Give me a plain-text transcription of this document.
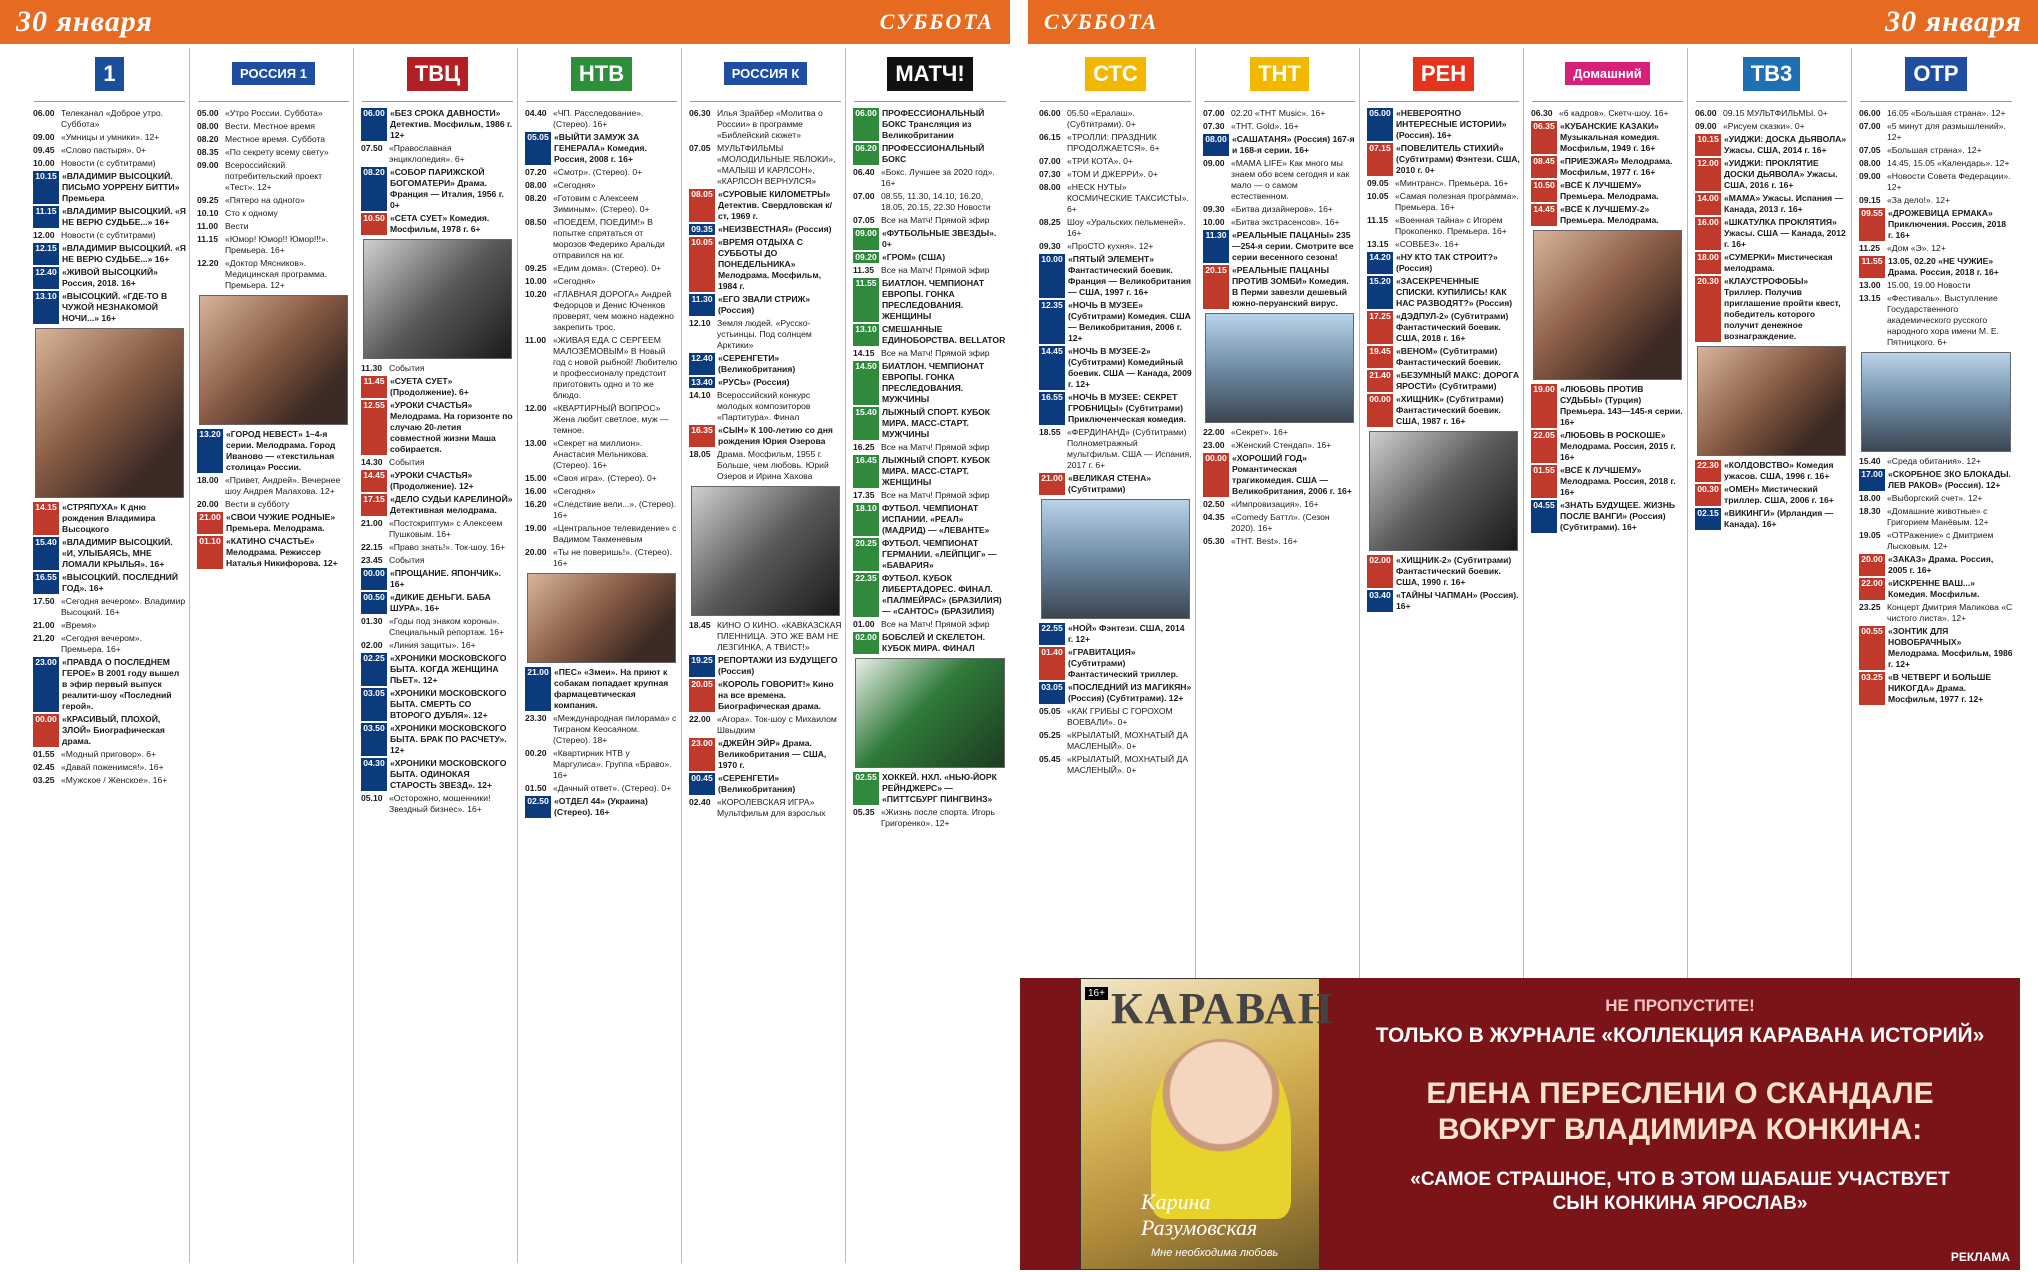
30 января	СУББОТА СУББОТА	30 января
1
06.00 Телеканал «Доброе утро. Суббота»
09.00 «Умницы и умники». 12+
09.45 «Слово пастыря». 0+
10.00 Новости (с субтитрами)
10.15 «ВЛАДИМИР ВЫСОЦКИЙ. ПИСЬМО УОРРЕНУ БИТТИ» Премьера
11.15 «ВЛАДИМИР ВЫСОЦКИЙ. «Я НЕ ВЕРЮ СУДЬБЕ...» 16+
12.00 Новости (с субтитрами)
12.15 «ВЛАДИМИР ВЫСОЦКИЙ. «Я НЕ ВЕРЮ СУДЬБЕ...» 16+
12.40 «ЖИВОЙ ВЫСОЦКИЙ» Россия, 2018. 16+
13.10 «ВЫСОЦКИЙ. «ГДЕ-ТО В ЧУЖОЙ НЕЗНАКОМОЙ НОЧИ...» 16+
14.15 «СТРЯПУХА» К дню рождения Владимира Высоцкого
15.40 «ВЛАДИМИР ВЫСОЦКИЙ. «И, УЛЫБАЯСЬ, МНЕ ЛОМАЛИ КРЫЛЬЯ». 16+
16.55 «ВЫСОЦКИЙ. ПОСЛЕДНИЙ ГОД». 16+
17.50 «Сегодня вечером». Владимир Высоцкий. 16+
21.00 «Время»
21.20 «Сегодня вечером». Премьера. 16+
23.00 «ПРАВДА О ПОСЛЕДНЕМ ГЕРОЕ» В 2001 году вышел в эфир первый выпуск реалити-шоу «Последний герой».
00.00 «КРАСИВЫЙ, ПЛОХОЙ, ЗЛОЙ» Биографическая драма.
01.55 «Модный приговор». 6+
02.45 «Давай поженимся!». 16+
03.25 «Мужское / Женское». 16+
РОССИЯ 1
05.00 «Утро России. Суббота»
08.00 Вести. Местное время
08.20 Местное время. Суббота
08.35 «По секрету всему свету»
09.00 Всероссийский потребительский проект «Тест». 12+
09.25 «Пятеро на одного»
10.10 Сто к одному
11.00 Вести
11.15 «Юмор! Юмор!! Юмор!!!». Премьера. 16+
12.20 «Доктор Мясников». Медицинская программа. Премьера. 12+
13.20 «ГОРОД НЕВЕСТ» 1–4-я серии. Мелодрама. Город Иваново — «текстильная столица» России.
18.00 «Привет, Андрей». Вечернее шоу Андрея Малахова. 12+
20.00 Вести в субботу
21.00 «СВОИ ЧУЖИЕ РОДНЫЕ» Премьера. Мелодрама.
01.10 «КАТИНО СЧАСТЬЕ» Мелодрама. Режиссер Наталья Никифорова. 12+
ТВЦ
06.00 «БЕЗ СРОКА ДАВНОСТИ» Детектив. Мосфильм, 1986 г. 12+
07.50 «Православная энциклопедия». 6+
08.20 «СОБОР ПАРИЖСКОЙ БОГОМАТЕРИ» Драма. Франция — Италия, 1956 г. 0+
10.50 «СЕТА СУЕТ» Комедия. Мосфильм, 1978 г. 6+
11.30 События
11.45 «СУЕТА СУЕТ» (Продолжение). 6+
12.55 «УРОКИ СЧАСТЬЯ» Мелодрама. На горизонте по случаю 20-летия совместной жизни Маша собирается.
14.30 События
14.45 «УРОКИ СЧАСТЬЯ» (Продолжение). 12+
17.15 «ДЕЛО СУДЬИ КАРЕЛИНОЙ» Детективная мелодрама.
21.00 «Постскриптум» с Алексеем Пушковым. 16+
22.15 «Право знать!». Ток-шоу. 16+
23.45 События
00.00 «ПРОЩАНИЕ. ЯПОНЧИК». 16+
00.50 «ДИКИЕ ДЕНЬГИ. БАБА ШУРА». 16+
01.30 «Годы под знаком короны». Специальный репортаж. 16+
02.00 «Линия защиты». 16+
02.25 «ХРОНИКИ МОСКОВСКОГО БЫТА. КОГДА ЖЕНЩИНА ПЬЕТ». 12+
03.05 «ХРОНИКИ МОСКОВСКОГО БЫТА. СМЕРТЬ СО ВТОРОГО ДУБЛЯ». 12+
03.50 «ХРОНИКИ МОСКОВСКОГО БЫТА. БРАК ПО РАСЧЕТУ». 12+
04.30 «ХРОНИКИ МОСКОВСКОГО БЫТА. ОДИНОКАЯ СТАРОСТЬ ЗВЕЗД». 12+
05.10 «Осторожно, мошенники! Звездный бизнес». 16+
НТВ
04.40 «ЧП. Расследование». (Стерео). 16+
05.05 «ВЫЙТИ ЗАМУЖ ЗА ГЕНЕРАЛА» Комедия. Россия, 2008 г. 16+
07.20 «Смотр». (Стерео). 0+
08.00 «Сегодня»
08.20 «Готовим с Алексеем Зиминым». (Стерео). 0+
08.50 «ПОЕДЕМ, ПОЕДИМ!» В попытке спрятаться от морозов Федерико Аральди отправился на юг.
09.25 «Едим дома». (Стерео). 0+
10.00 «Сегодня»
10.20 «ГЛАВНАЯ ДОРОГА» Андрей Федорцов и Денис Юченков проверят, чем можно надежно закрепить трос.
11.00 «ЖИВАЯ ЕДА С СЕРГЕЕМ МАЛОЗЁМОВЫМ» В Новый год с новой рыбной! Любителю и профессионалу предстоит приготовить одно и то же блюдо.
12.00 «КВАРТИРНЫЙ ВОПРОС» Жена любит светлое, муж — темное.
13.00 «Секрет на миллион». Анастасия Мельникова. (Стерео). 16+
15.00 «Своя игра». (Стерео). 0+
16.00 «Сегодня»
16.20 «Следствие вели...». (Стерео). 16+
19.00 «Центральное телевидение» с Вадимом Такменевым
20.00 «Ты не поверишь!». (Стерео). 16+
21.00 «ПЕС» «Змеи». На приют к собакам попадает крупная фармацевтическая компания.
23.30 «Международная пилорама» с Тиграном Кеосаяном. (Стерео). 18+
00.20 «Квартирник НТВ у Маргулиса». Группа «Браво». 16+
01.50 «Дачный ответ». (Стерео). 0+
02.50 «ОТДЕЛ 44» (Украина) (Стерео). 16+
РОССИЯ К
06.30 Илья Зрайбер «Молитва о России» в программе «Библейский сюжет»
07.05 МУЛЬТФИЛЬМЫ «МОЛОДИЛЬНЫЕ ЯБЛОКИ», «МАЛЫШ И КАРЛСОН», «КАРЛСОН ВЕРНУЛСЯ»
08.05 «СУРОВЫЕ КИЛОМЕТРЫ» Детектив. Свердловская к/ст, 1969 г.
09.35 «НЕИЗВЕСТНАЯ» (Россия)
10.05 «ВРЕМЯ ОТДЫХА С СУББОТЫ ДО ПОНЕДЕЛЬНИКА» Мелодрама. Мосфильм, 1984 г.
11.30 «ЕГО ЗВАЛИ СТРИЖ» (Россия)
12.10 Земля людей. «Русско-устьинцы. Под солнцем Арктики»
12.40 «СЕРЕНГЕТИ» (Великобритания)
13.40 «РУСЬ» (Россия)
14.10 Всероссийский конкурс молодых композиторов «Партитура». Финал
16.35 «СЫН» К 100-летию со дня рождения Юрия Озерова
18.05 Драма. Мосфильм, 1955 г. Больше, чем любовь. Юрий Озеров и Ирина Хахова
18.45 КИНО О КИНО. «КАВКАЗСКАЯ ПЛЕННИЦА. ЭТО ЖЕ ВАМ НЕ ЛЕЗГИНКА, А ТВИСТ!»
19.25 РЕПОРТАЖИ ИЗ БУДУЩЕГО (Россия)
20.05 «КОРОЛЬ ГОВОРИТ!» Кино на все времена. Биографическая драма.
22.00 «Агора». Ток-шоу с Михаилом Швыдким
23.00 «ДЖЕЙН ЭЙР» Драма. Великобритания — США, 1970 г.
00.45 «СЕРЕНГЕТИ» (Великобритания)
02.40 «КОРОЛЕВСКАЯ ИГРА» Мультфильм для взрослых
МАТЧ!
06.00 ПРОФЕССИОНАЛЬНЫЙ БОКС Трансляция из Великобритании
06.20 ПРОФЕССИОНАЛЬНЫЙ БОКС
06.40 «Бокс. Лучшее за 2020 год». 16+
07.00 08.55, 11.30, 14.10, 16.20, 18.05, 20.15, 22.30 Новости
07.05 Все на Матч! Прямой эфир
09.00 «ФУТБОЛЬНЫЕ ЗВЕЗДЫ». 0+
09.20 «ГРОМ» (США)
11.35 Все на Матч! Прямой эфир
11.55 БИАТЛОН. ЧЕМПИОНАТ ЕВРОПЫ. ГОНКА ПРЕСЛЕДОВАНИЯ. ЖЕНЩИНЫ
13.10 СМЕШАННЫЕ ЕДИНОБОРСТВА. BELLATOR
14.15 Все на Матч! Прямой эфир
14.50 БИАТЛОН. ЧЕМПИОНАТ ЕВРОПЫ. ГОНКА ПРЕСЛЕДОВАНИЯ. МУЖЧИНЫ
15.40 ЛЫЖНЫЙ СПОРТ. КУБОК МИРА. МАСС-СТАРТ. МУЖЧИНЫ
16.25 Все на Матч! Прямой эфир
16.45 ЛЫЖНЫЙ СПОРТ. КУБОК МИРА. МАСС-СТАРТ. ЖЕНЩИНЫ
17.35 Все на Матч! Прямой эфир
18.10 ФУТБОЛ. ЧЕМПИОНАТ ИСПАНИИ. «РЕАЛ» (МАДРИД) — «ЛЕВАНТЕ»
20.25 ФУТБОЛ. ЧЕМПИОНАТ ГЕРМАНИИ. «ЛЕЙПЦИГ» — «БАВАРИЯ»
22.35 ФУТБОЛ. КУБОК ЛИБЕРТАДОРЕС. ФИНАЛ. «ПАЛМЕЙРАС» (БРАЗИЛИЯ) — «САНТОС» (БРАЗИЛИЯ)
01.00 Все на Матч! Прямой эфир
02.00 БОБСЛЕЙ И СКЕЛЕТОН. КУБОК МИРА. ФИНАЛ
02.55 ХОККЕЙ. НХЛ. «НЬЮ-ЙОРК РЕЙНДЖЕРС» — «ПИТТСБУРГ ПИНГВИНЗ»
05.35 «Жизнь после спорта. Игорь Григоренко». 12+
СТС
06.00 05.50 «Ералаш». (Субтитрами). 0+
06.15 «ТРОЛЛИ: ПРАЗДНИК ПРОДОЛЖАЕТСЯ». 6+
07.00 «ТРИ КОТА». 0+
07.30 «ТОМ И ДЖЕРРИ». 0+
08.00 «НЕСК НУТЫ» КОСМИЧЕСКИЕ ТАКСИСТЫ». 6+
08.25 Шоу «Уральских пельменей». 16+
09.30 «ПроСТО кухня». 12+
10.00 «ПЯТЫЙ ЭЛЕМЕНТ» Фантастический боевик. Франция — Великобритания — США, 1997 г. 16+
12.35 «НОЧЬ В МУЗЕЕ» (Субтитрами) Комедия. США — Великобритания, 2006 г. 12+
14.45 «НОЧЬ В МУЗЕЕ-2» (Субтитрами) Комедийный боевик. США — Канада, 2009 г. 12+
16.55 «НОЧЬ В МУЗЕЕ: СЕКРЕТ ГРОБНИЦЫ» (Субтитрами) Приключенческая комедия.
18.55 «ФЕРДИНАНД» (Субтитрами) Полнометражный мультфильм. США — Испания, 2017 г. 6+
21.00 «ВЕЛИКАЯ СТЕНА» (Субтитрами)
22.55 «НОЙ» Фэнтези. США, 2014 г. 12+
01.40 «ГРАВИТАЦИЯ» (Субтитрами) Фантастический триллер.
03.05 «ПОСЛЕДНИЙ ИЗ МАГИКЯН» (Россия) (Субтитрами). 12+
05.05 «КАК ГРИБЫ С ГОРОХОМ ВОЕВАЛИ». 0+
05.25 «КРЫЛАТЫЙ, МОХНАТЫЙ ДА МАСЛЕНЫЙ». 0+
05.45 «КРЫЛАТЫЙ, МОХНАТЫЙ ДА МАСЛЕНЫЙ». 0+
ТНТ
07.00 02.20 «ТНТ Music». 16+
07.30 «ТНТ. Gold». 16+
08.00 «САШАТАНЯ» (Россия) 167-я и 168-я серии. 16+
09.00 «МАМА LIFE» Как много мы знаем обо всем сегодня и как мало — о самом естественном.
09.30 «Битва дизайнеров». 16+
10.00 «Битва экстрасенсов». 16+
11.30 «РЕАЛЬНЫЕ ПАЦАНЫ» 235—254-я серии. Смотрите все серии весенного сезона!
20.15 «РЕАЛЬНЫЕ ПАЦАНЫ ПРОТИВ ЗОМБИ» Комедия. В Перми завезли дешевый южно-перуанский вирус.
22.00 «Секрет». 16+
23.00 «Женский Стендап». 16+
00.00 «ХОРОШИЙ ГОД» Романтическая трагикомедия. США — Великобритания, 2006 г. 16+
02.50 «Импровизация». 16+
04.35 «Comedy Баттл». (Сезон 2020). 16+
05.30 «ТНТ. Best». 16+
РЕН
05.00 «НЕВЕРОЯТНО ИНТЕРЕСНЫЕ ИСТОРИИ» (Россия). 16+
07.15 «ПОВЕЛИТЕЛЬ СТИХИЙ» (Субтитрами) Фэнтези. США, 2010 г. 0+
09.05 «Минтранс». Премьера. 16+
10.05 «Самая полезная программа». Премьера. 16+
11.15 «Военная тайна» с Игорем Прокопенко. Премьера. 16+
13.15 «СОВБЕЗ». 16+
14.20 «НУ КТО ТАК СТРОИТ?» (Россия)
15.20 «ЗАСЕКРЕЧЕННЫЕ СПИСКИ. КУПИЛИСЬ! КАК НАС РАЗВОДЯТ?» (Россия)
17.25 «ДЭДПУЛ-2» (Субтитрами) Фантастический боевик. США, 2018 г. 16+
19.45 «ВЕНОМ» (Субтитрами) Фантастический боевик.
21.40 «БЕЗУМНЫЙ МАКС: ДОРОГА ЯРОСТИ» (Субтитрами)
00.00 «ХИЩНИК» (Субтитрами) Фантастический боевик. США, 1987 г. 16+
02.00 «ХИЩНИК-2» (Субтитрами) Фантастический боевик. США, 1990 г. 16+
03.40 «ТАЙНЫ ЧАПМАН» (Россия). 16+
Домашний
06.30 «6 кадров». Скетч-шоу. 16+
06.35 «КУБАНСКИЕ КАЗАКИ» Музыкальная комедия. Мосфильм, 1949 г. 16+
08.45 «ПРИЕЗЖАЯ» Мелодрама. Мосфильм, 1977 г. 16+
10.50 «ВСЁ К ЛУЧШЕМУ» Премьера. Мелодрама.
14.45 «ВСЁ К ЛУЧШЕМУ-2» Премьера. Мелодрама.
19.00 «ЛЮБОВЬ ПРОТИВ СУДЬБЫ» (Турция) Премьера. 143—145-я серии. 16+
22.05 «ЛЮБОВЬ В РОСКОШЕ» Мелодрама. Россия, 2015 г. 16+
01.55 «ВСЁ К ЛУЧШЕМУ» Мелодрама. Россия, 2018 г. 16+
04.55 «ЗНАТЬ БУДУЩЕЕ. ЖИЗНЬ ПОСЛЕ ВАНГИ» (Россия) (Субтитрами). 16+
ТВ3
06.00 09.15 МУЛЬТФИЛЬМЫ. 0+
09.00 «Рисуем сказки». 0+
10.15 «УИДЖИ: ДОСКА ДЬЯВОЛА» Ужасы. США, 2014 г. 16+
12.00 «УИДЖИ: ПРОКЛЯТИЕ ДОСКИ ДЬЯВОЛА» Ужасы. США, 2016 г. 16+
14.00 «МАМА» Ужасы. Испания — Канада, 2013 г. 16+
16.00 «ШКАТУЛКА ПРОКЛЯТИЯ» Ужасы. США — Канада, 2012 г. 16+
18.00 «СУМЕРКИ» Мистическая мелодрама.
20.30 «КЛАУСТРОФОБЫ» Триллер. Получив приглашение пройти квест, победитель которого получит денежное вознаграждение.
22.30 «КОЛДОВСТВО» Комедия ужасов. США, 1996 г. 16+
00.30 «ОМЕН» Мистический триллер. США, 2006 г. 16+
02.15 «ВИКИНГИ» (Ирландия — Канада). 16+
ОТР
06.00 16.05 «Большая страна». 12+
07.00 «5 минут для размышлений». 12+
07.05 «Большая страна». 12+
08.00 14.45, 15.05 «Календарь». 12+
09.00 «Новости Совета Федерации». 12+
09.15 «За дело!». 12+
09.55 «ДРОЖЕВИЦА ЕРМАКА» Приключения. Россия, 2018 г. 16+
11.25 «Дом «Э». 12+
11.55 13.05, 02.20 «НЕ ЧУЖИЕ» Драма. Россия, 2018 г. 16+
13.00 15.00, 19.00 Новости
13.15 «Фестиваль». Выступление Государственного академического русского народного хора имени М. Е. Пятницкого. 6+
15.40 «Среда обитания». 12+
17.00 «СКОРБНОЕ ЗКО БЛОКАДЫ. ЛЕВ РАКОВ» (Россия). 12+
18.00 «Выборгский счет». 12+
18.30 «Домашние животные» с Григорием Манёвым. 12+
19.05 «ОТРажение» с Дмитрием Лысковым. 12+
20.00 «ЗАКАЗ» Драма. Россия, 2005 г. 16+
22.00 «ИСКРЕННЕ ВАШ...» Комедия. Мосфильм.
23.25 Концерт Дмитрия Маликова «С чистого листа». 12+
00.55 «ЗОНТИК ДЛЯ НОВОБРАЧНЫХ» Мелодрама. Мосфильм, 1986 г. 12+
03.25 «В ЧЕТВЕРГ И БОЛЬШЕ НИКОГДА» Драма. Мосфильм, 1977 г. 12+
16+ КАРАВАН
Карина Разумовская
Мне необходима любовь
НЕ ПРОПУСТИТЕ!
ТОЛЬКО В ЖУРНАЛЕ «КОЛЛЕКЦИЯ КАРАВАНА ИСТОРИЙ»
ЕЛЕНА ПЕРЕСЛЕНИ О СКАНДАЛЕ
ВОКРУГ ВЛАДИМИРА КОНКИНА:
«САМОЕ СТРАШНОЕ, ЧТО В ЭТОМ ШАБАШЕ УЧАСТВУЕТ
СЫН КОНКИНА ЯРОСЛАВ»
РЕКЛАМА
